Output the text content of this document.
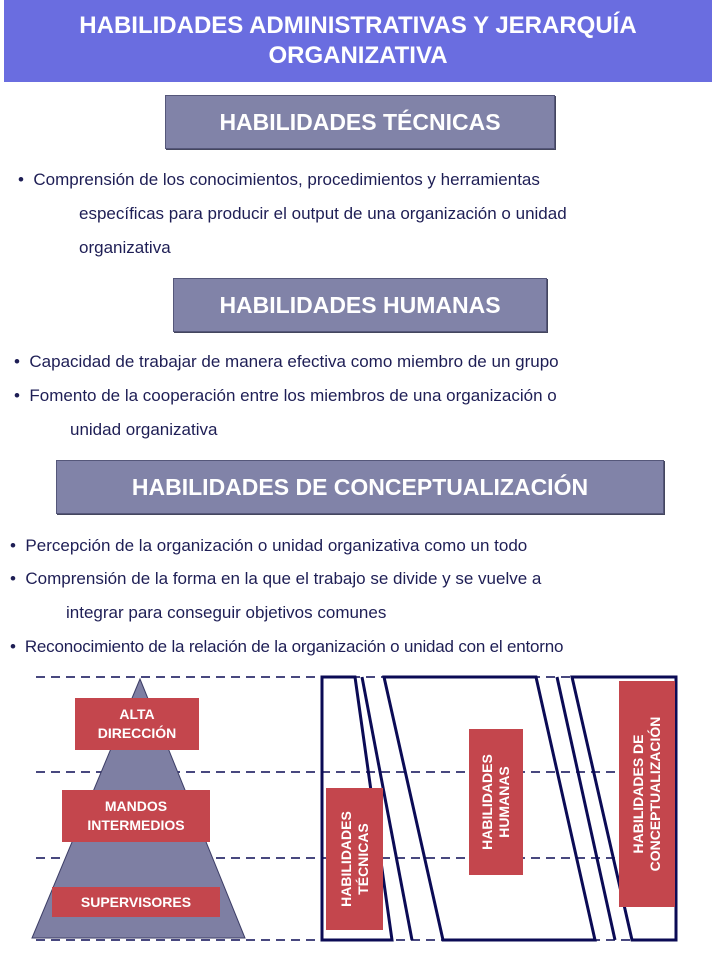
HABILIDADES ADMINISTRATIVAS Y JERARQUÍA ORGANIZATIVA
HABILIDADES TÉCNICAS
• Comprensión de los conocimientos, procedimientos y herramientas
específicas para producir el output de una organización o unidad
organizativa
HABILIDADES HUMANAS
• Capacidad de trabajar de manera efectiva como miembro de un grupo
• Fomento de la cooperación entre los miembros de una organización o
unidad organizativa
HABILIDADES DE CONCEPTUALIZACIÓN
• Percepción de la organización o unidad organizativa como un todo
• Comprensión de la forma en la que el trabajo se divide y se vuelve a
integrar para conseguir objetivos comunes
• Reconocimiento de la relación de la organización o unidad con el entorno
ALTA DIRECCIÓN
MANDOS INTERMEDIOS
SUPERVISORES	HABILIDADES
TÉCNICAS
HABILIDADES
HUMANAS	HABILIDADES DE
CONCEPTUALIZACIÓN
